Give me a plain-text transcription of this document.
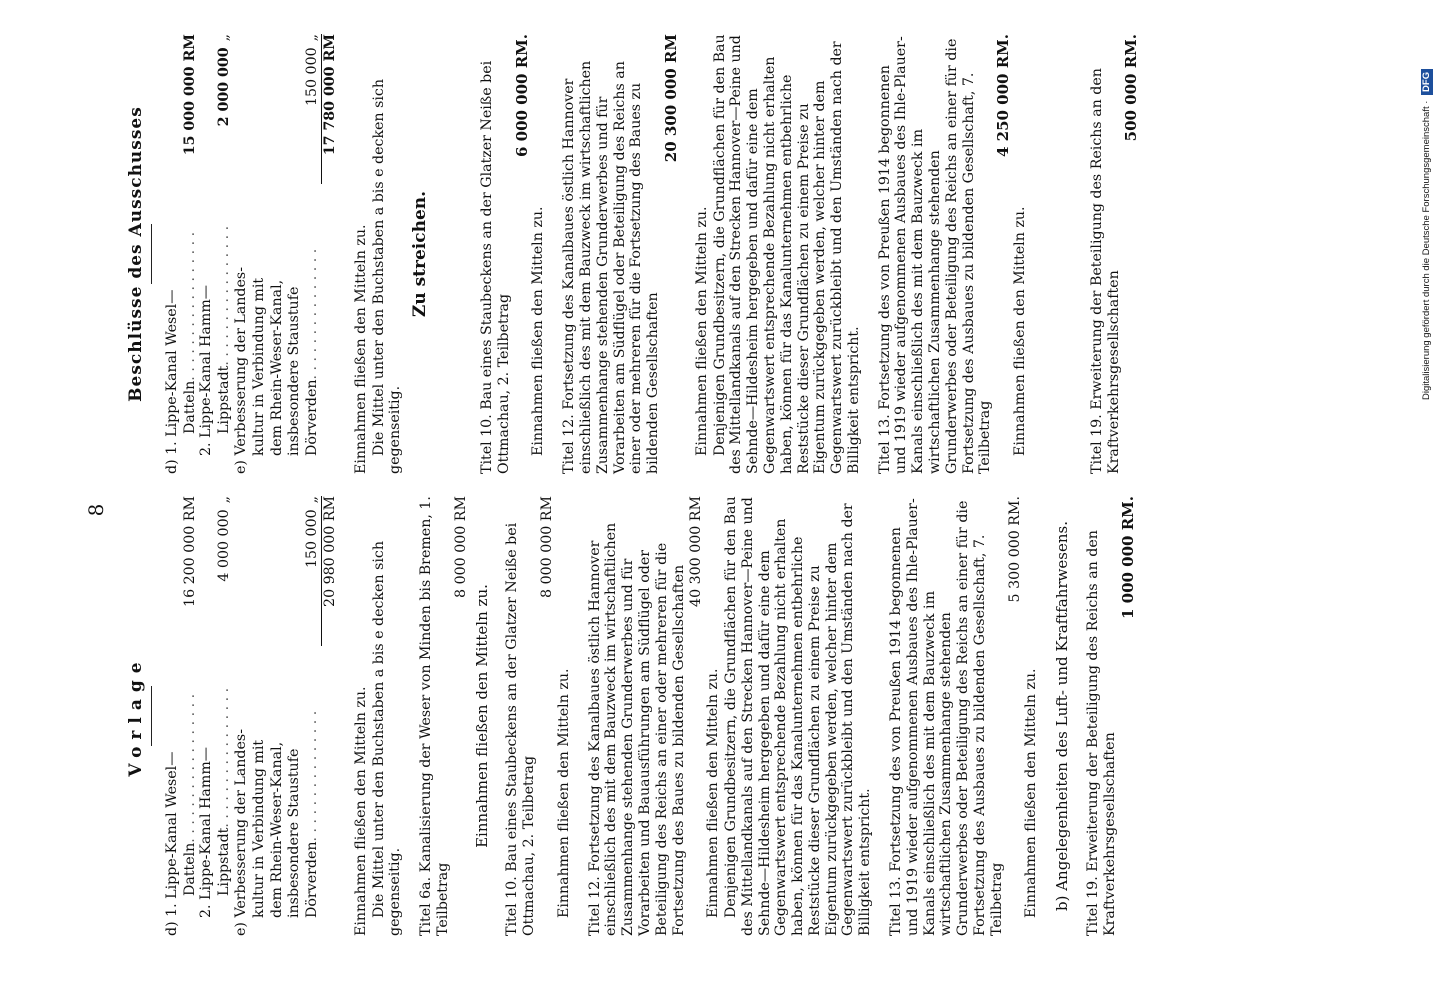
8
Vorlage
d) 1. Lippe-Kanal Wesel— Datteln
. . . . . . . . . . . . . . . . .
16 200 000 RM
2. Lippe-Kanal Hamm— Lippstadt
. . . . . . . . . . . . . . . .
4 000 000
„
e) Verbesserung der Landes- kultur in Verbindung mit dem Rhein-Weser-Kanal, insbesondere Staustufe Dörverden
. . . . . . . . . . . . . . .
150 000
„ 20 980 000 RM
Einnahmen fließen den Mitteln zu. Die Mittel unter den Buchstaben a bis e decken sich gegenseitig. Titel 6a. Kanalisierung der Weser von Minden bis Bremen, 1. Teilbetrag
8 000 000 RM
Einnahmen fließen den Mitteln zu. Titel 10. Bau eines Staubeckens an der Glatzer Neiße bei Ottmachau, 2. Teilbetrag
8 000 000 RM
Einnahmen fließen den Mitteln zu. Titel 12. Fortsetzung des Kanalbaues östlich Hannover einschließlich des mit dem Bauzweck im wirtschaftlichen Zusammenhange stehenden Grunderwerbes und für Vorarbeiten und Bauausführungen am Südflügel oder Beteiligung des Reichs an einer oder mehreren für die Fortsetzung des Baues zu bildenden Gesellschaften
40 300 000 RM
Einnahmen fließen den Mitteln zu. Denjenigen Grundbesitzern, die Grundflächen für den Bau des Mittellandkanals auf den Strecken Hannover—Peine und Sehnde—Hildesheim hergegeben und dafür eine dem Gegenwartswert entsprechende Bezahlung nicht erhalten haben, können für das Kanalunternehmen entbehrliche Reststücke dieser Grundflächen zu einem Preise zu Eigentum zurückgegeben werden, welcher hinter dem Gegenwartswert zurückbleibt und den Umständen nach der Billigkeit entspricht. Titel 13. Fortsetzung des von Preußen 1914 begonnenen und 1919 wieder aufgenommenen Ausbaues des Ihle-Plauer-Kanals einschließlich des mit dem Bauzweck im wirtschaftlichen Zusammenhange stehenden Grunderwerbes oder Beteiligung des Reichs an einer für die Fortsetzung des Ausbaues zu bildenden Gesellschaft, 7. Teilbetrag
5 300 000 RM.
Einnahmen fließen den Mitteln zu. b) Angelegenheiten des Luft- und Kraftfahrwesens. Titel 19. Erweiterung der Beteiligung des Reichs an den Kraftverkehrsgesellschaften
1 000 000 RM.
Beschlüsse des Ausschusses d) 1. Lippe-Kanal Wesel— Datteln
. . . . . . . . . . . . . . . . .
15 000 000 RM
2. Lippe-Kanal Hamm— Lippstadt
. . . . . . . . . . . . . . . .
2 000 000
„
e) Verbesserung der Landes- kultur in Verbindung mit dem Rhein-Weser-Kanal, insbesondere Staustufe Dörverden
. . . . . . . . . . . . . . .
150 000
„ 17 780 000 RM
Einnahmen fließen den Mitteln zu. Die Mittel unter den Buchstaben a bis e decken sich gegenseitig.
Zu streichen.	Titel 10. Bau eines Staubeckens an der Glatzer Neiße bei Ottmachau, 2. Teilbetrag
6 000 000 RM.
Einnahmen fließen den Mitteln zu. Titel 12. Fortsetzung des Kanalbaues östlich Hannover einschließlich des mit dem Bauzweck im wirtschaftlichen Zusammenhange stehenden Grunderwerbes und für Vorarbeiten am Südflügel oder Beteiligung des Reichs an einer oder mehreren für die Fortsetzung des Baues zu bildenden Gesellschaften
20 300 000 RM
Einnahmen fließen den Mitteln zu. Denjenigen Grundbesitzern, die Grundflächen für den Bau des Mittellandkanals auf den Strecken Hannover—Peine und Sehnde—Hildesheim hergegeben und dafür eine dem Gegenwartswert entsprechende Bezahlung nicht erhalten haben, können für das Kanalunternehmen entbehrliche Reststücke dieser Grundflächen zu einem Preise zu Eigentum zurückgegeben werden, welcher hinter dem Gegenwartswert zurückbleibt und den Umständen nach der Billigkeit entspricht. Titel 13. Fortsetzung des von Preußen 1914 begonnenen und 1919 wieder aufgenommenen Ausbaues des Ihle-Plauer-Kanals einschließlich des mit dem Bauzweck im wirtschaftlichen Zusammenhange stehenden Grunderwerbes oder Beteiligung des Reichs an einer für die Fortsetzung des Ausbaues zu bildenden Gesellschaft, 7. Teilbetrag
4 250 000 RM.
Einnahmen fließen den Mitteln zu.	Titel 19. Erweiterung der Beteiligung des Reichs an den Kraftverkehrsgesellschaften
500 000 RM.
Digitalisierung gefördert durch die Deutsche Forschungsgemeinschaft · DFG
